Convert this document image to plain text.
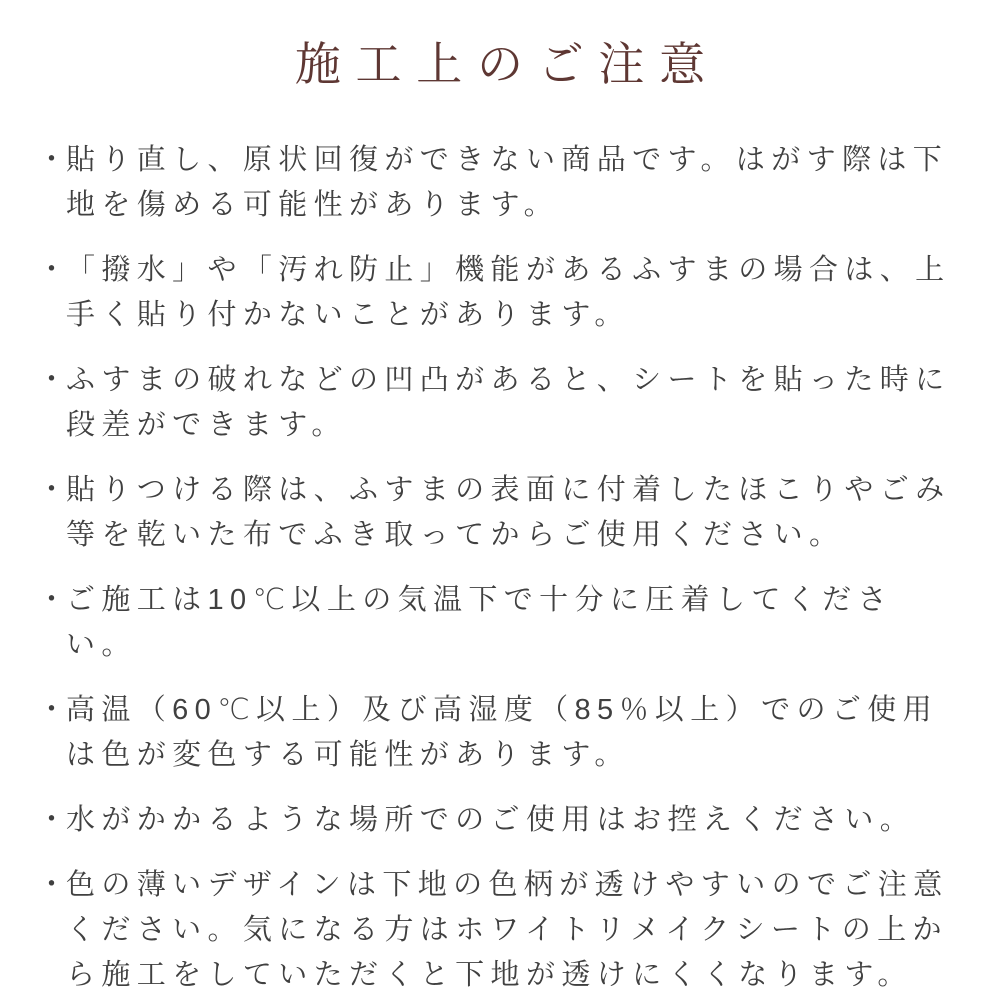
施工上のご注意
・ 貼り直し、原状回復ができない商品です。はがす際は下地を傷める可能性があります。
・ 「撥水」や「汚れ防止」機能があるふすまの場合は、上手く貼り付かないことがあります。
・ ふすまの破れなどの凹凸があると、シートを貼った時に段差ができます。
・ 貼りつける際は、ふすまの表面に付着したほこりやごみ等を乾いた布でふき取ってからご使用ください。
・ ご施工は10℃以上の気温下で十分に圧着してください。
・ 高温（60℃以上）及び高湿度（85％以上）でのご使用は色が変色する可能性があります。
・ 水がかかるような場所でのご使用はお控えください。
・ 色の薄いデザインは下地の色柄が透けやすいのでご注意ください。気になる方はホワイトリメイクシートの上から施工をしていただくと下地が透けにくくなります。
